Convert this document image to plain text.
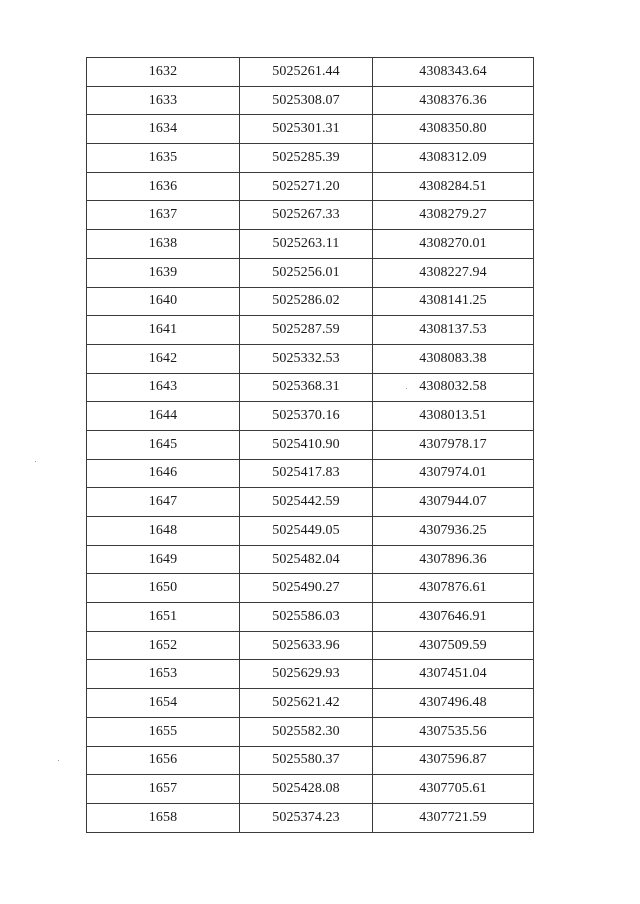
1632	5025261.44	4308343.64
1633	5025308.07	4308376.36
1634	5025301.31	4308350.80
1635	5025285.39	4308312.09
1636	5025271.20	4308284.51
1637	5025267.33	4308279.27
1638	5025263.11	4308270.01
1639	5025256.01	4308227.94
1640	5025286.02	4308141.25
1641	5025287.59	4308137.53
1642	5025332.53	4308083.38
1643	5025368.31	4308032.58
1644	5025370.16	4308013.51
1645	5025410.90	4307978.17
1646	5025417.83	4307974.01
1647	5025442.59	4307944.07
1648	5025449.05	4307936.25
1649	5025482.04	4307896.36
1650	5025490.27	4307876.61
1651	5025586.03	4307646.91
1652	5025633.96	4307509.59
1653	5025629.93	4307451.04
1654	5025621.42	4307496.48
1655	5025582.30	4307535.56
1656	5025580.37	4307596.87
1657	5025428.08	4307705.61
1658	5025374.23	4307721.59
